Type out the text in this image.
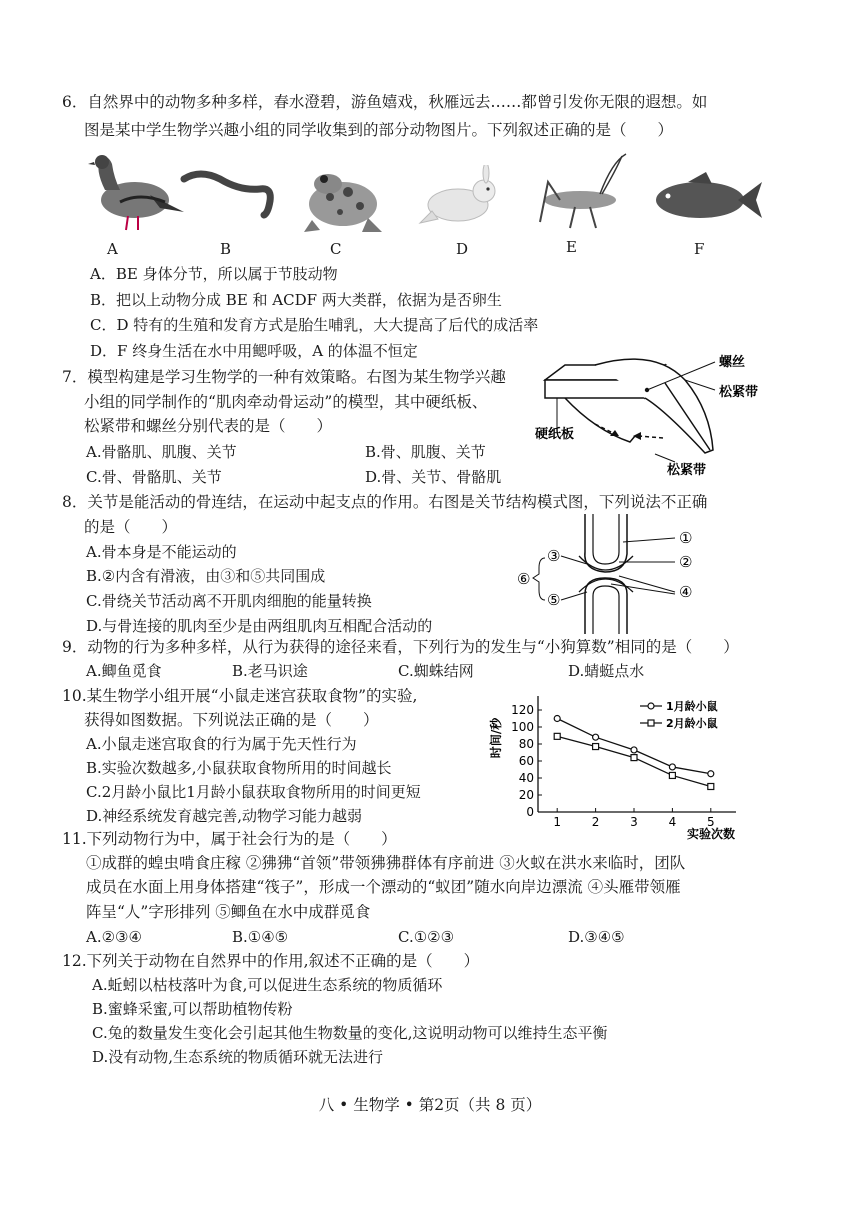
6．自然界中的动物多种多样，春水澄碧，游鱼嬉戏，秋雁远去……都曾引发你无限的遐想。如
图是某中学生物学兴趣小组的同学收集到的部分动物图片。下列叙述正确的是（　　）
A	B	C	D	E	F
A．BE 身体分节，所以属于节肢动物
B．把以上动物分成 BE 和 ACDF 两大类群，依据为是否卵生
C．D 特有的生殖和发育方式是胎生哺乳，大大提高了后代的成活率
D．F 终身生活在水中用鳃呼吸，A 的体温不恒定
7．模型构建是学习生物学的一种有效策略。右图为某生物学兴趣
小组的同学制作的“肌肉牵动骨运动”的模型，其中硬纸板、
松紧带和螺丝分别代表的是（　　）
A.骨骼肌、肌腹、关节	B.骨、肌腹、关节
C.骨、骨骼肌、关节	D.骨、关节、骨骼肌
螺丝
松紧带
硬纸板
松紧带
8．关节是能活动的骨连结，在运动中起支点的作用。右图是关节结构模式图，下列说法不正确
的是（　　）
A.骨本身是不能运动的
B.②内含有滑液，由③和⑤共同围成
C.骨绕关节活动离不开肌肉细胞的能量转换
D.与骨连接的肌肉至少是由两组肌肉互相配合活动的
①
②
④
③
⑤
⑥
9．动物的行为多种多样，从行为获得的途径来看，下列行为的发生与“小狗算数”相同的是（　　）
A.鲫鱼觅食	B.老马识途	C.蜘蛛结网	D.蜻蜓点水
10.某生物学小组开展“小鼠走迷宫获取食物”的实验,
获得如图数据。下列说法正确的是（　　）
A.小鼠走迷宫取食的行为属于先天性行为
B.实验次数越多,小鼠获取食物所用的时间越长
C.2月龄小鼠比1月龄小鼠获取食物所用的时间更短
D.神经系统发育越完善,动物学习能力越弱	0
20
40
60
80
100
120
1	2	3	4	5
时间/秒
实验次数
1月龄小鼠
2月龄小鼠
11.下列动物行为中，属于社会行为的是（　　）
①成群的蝗虫啃食庄稼 ②狒狒“首领”带领狒狒群体有序前进 ③火蚁在洪水来临时，团队
成员在水面上用身体搭建“筏子”，形成一个漂动的“蚁团”随水向岸边漂流 ④头雁带领雁
阵呈“人”字形排列 ⑤鲫鱼在水中成群觅食
A.②③④	B.①④⑤	C.①②③	D.③④⑤
12.下列关于动物在自然界中的作用,叙述不正确的是（　　）
A.蚯蚓以枯枝落叶为食,可以促进生态系统的物质循环
B.蜜蜂采蜜,可以帮助植物传粉
C.兔的数量发生变化会引起其他生物数量的变化,这说明动物可以维持生态平衡
D.没有动物,生态系统的物质循环就无法进行
八 • 生物学 • 第2页（共 8 页）
